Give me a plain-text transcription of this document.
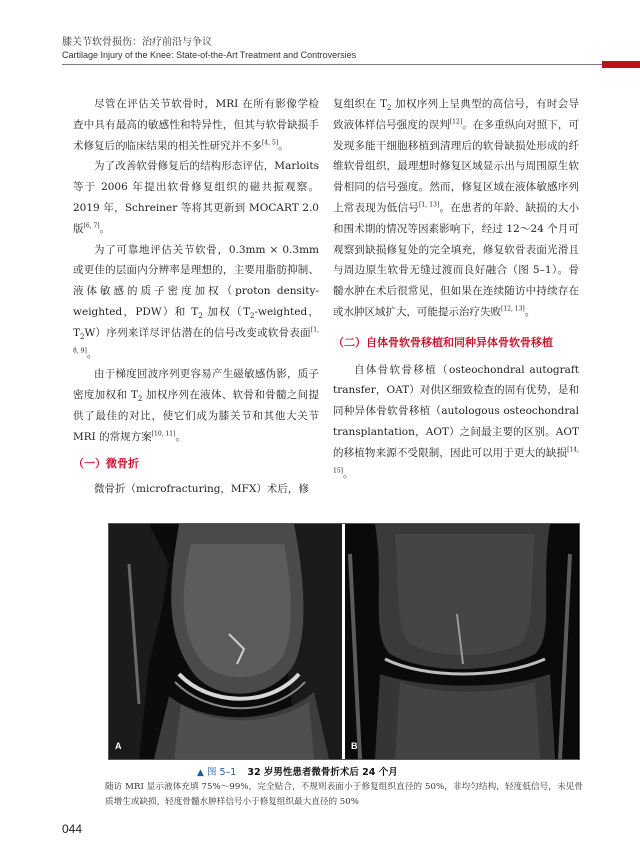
膝关节软骨损伤：治疗前沿与争议
Cartilage Injury of the Knee: State-of-the-Art Treatment and Controversies

尽管在评估关节软骨时，MRI 在所有影像学检查中具有最高的敏感性和特异性，但其与软骨缺损手术修复后的临床结果的相关性研究并不多[4, 5]。

为了改善软骨修复后的结构形态评估，Marloits 等于 2006 年提出软骨修复组织的磁共振观察。2019 年，Schreiner 等将其更新到 MOCART 2.0 版[6, 7]。

为了可靠地评估关节软骨，0.3mm × 0.3mm 或更佳的层面内分辨率是理想的，主要用脂肪抑制、液体敏感的质子密度加权（proton density-weighted，PDW）和 $T_2$ 加权（$T_2$-weighted，$T_2W$）序列来详尽评估潜在的信号改变或软骨表面[1, 8, 9]。

由于梯度回波序列更容易产生磁敏感伪影，质子密度加权和 $T_2$ 加权序列在液体、软骨和骨髓之间提供了最佳的对比，使它们成为膝关节和其他大关节 MRI 的常规方案[10, 11]。

（一）微骨折

微骨折（microfracturing，MFX）术后，修

复组织在 $T_2$ 加权序列上呈典型的高信号，有时会导致液体样信号强度的误判[12]。在多重纵向对照下，可发现多能干细胞移植到清理后的软骨缺损处形成的纤维软骨组织，最理想时修复区域显示出与周围原生软骨相同的信号强度。然而，修复区域在液体敏感序列上常表现为低信号[1, 13]。在患者的年龄、缺损的大小和围术期的情况等因素影响下，经过 12～24 个月可观察到缺损修复处的完全填充，修复软骨表面光滑且与周边原生软骨无缝过渡而良好融合（图 5–1）。骨髓水肿在术后很常见，但如果在连续随访中持续存在或水肿区域扩大，可能提示治疗失败[12, 13]。

（二）自体骨软骨移植和同种异体骨软骨移植

自体骨软骨移植（osteochondral autograft transfer，OAT）对供区细致检查的固有优势，是和同种异体骨软骨移植（autologous osteochondral transplantation，AOT）之间最主要的区别。AOT 的移植物来源不受限制，因此可以用于更大的缺损[14, 15]。

A	B
▲ 图 5–1 32 岁男性患者微骨折术后 24 个月
随访 MRI 显示液体充填 75%～99%，完全贴合，不规则表面小于修复组织直径的 50%，非均匀结构，轻度低信号，未见骨质增生或缺损，轻度骨髓水肿样信号小于修复组织最大直径的 50%
044
